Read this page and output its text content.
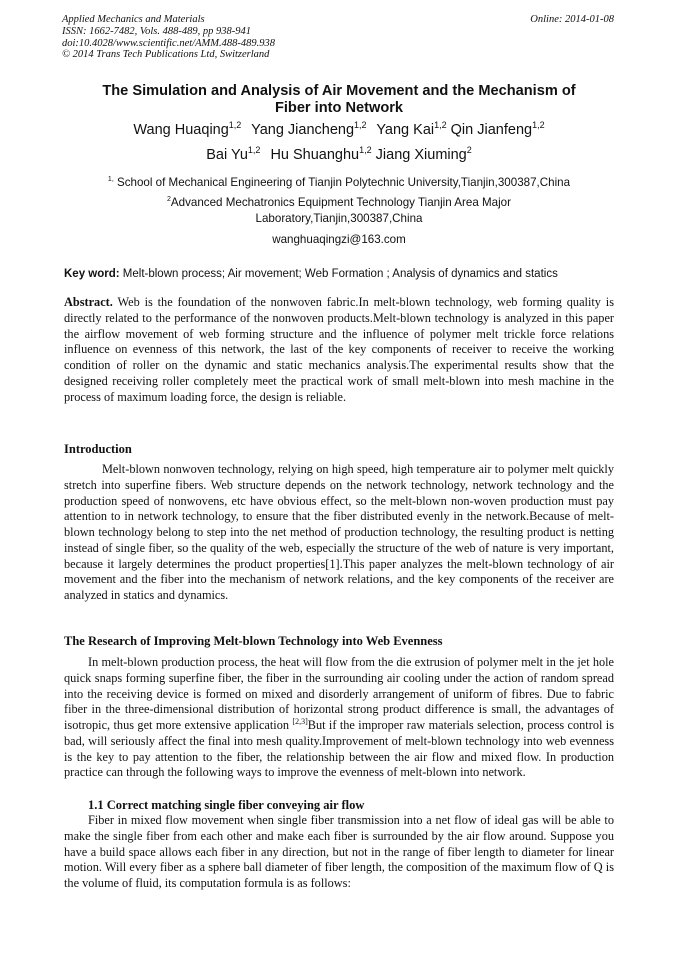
Applied Mechanics and Materials
ISSN: 1662-7482, Vols. 488-489, pp 938-941
doi:10.4028/www.scientific.net/AMM.488-489.938
© 2014 Trans Tech Publications Ltd, Switzerland
Online: 2014-01-08
The Simulation and Analysis of Air Movement and the Mechanism of
Fiber into Network
Wang Huaqing$^{1,2}$ Yang Jiancheng$^{1,2}$ Yang Kai$^{1,2}$ Qin Jianfeng$^{1,2}$
Bai Yu$^{1,2}$ Hu Shuanghu$^{1,2}$ Jiang Xiuming$^2$
$^{1,}$ School of Mechanical Engineering of Tianjin Polytechnic University,Tianjin,300387,China
$^2$Advanced Mechatronics Equipment Technology Tianjin Area Major
Laboratory,Tianjin,300387,China
wanghuaqingzi@163.com
Key word: Melt-blown process; Air movement; Web Formation ; Analysis of dynamics and statics
Abstract. Web is the foundation of the nonwoven fabric.In melt-blown technology, web forming quality is directly related to the performance of the nonwoven products.Melt-blown technology is analyzed in this paper the airflow movement of web forming structure and the influence of polymer melt trickle force relations influence on evenness of this network, the last of the key components of receiver to receive the working condition of roller on the dynamic and static mechanics analysis.The experimental results show that the designed receiving roller completely meet the practical work of small melt-blown into mesh machine in the process of maximum loading force, the design is reliable.
Introduction
Melt-blown nonwoven technology, relying on high speed, high temperature air to polymer melt quickly stretch into superfine fibers. Web structure depends on the network technology, network technology and the production speed of nonwovens, etc have obvious effect, so the melt-blown non-woven production must pay attention to in network technology, to ensure that the fiber distributed evenly in the network.Because of melt-blown technology belong to step into the net method of production technology, the resulting product is netting instead of single fiber, so the quality of the web, especially the structure of the web of nature is very important, because it largely determines the product properties[1].This paper analyzes the melt-blown technology of air movement and the fiber into the mechanism of network relations, and the key components of the receiver are analyzed in statics and dynamics.
The Research of Improving Melt-blown Technology into Web Evenness
In melt-blown production process, the heat will flow from the die extrusion of polymer melt in the jet hole quick snaps forming superfine fiber, the fiber in the surrounding air cooling under the action of random spread into the receiving device is formed on mixed and disorderly arrangement of uniform of fibres. Due to fabric fiber in the three-dimensional distribution of horizontal strong product difference is small, the advantages of isotropic, thus get more extensive application [2,3]But if the improper raw materials selection, process control is bad, will seriously affect the final into mesh quality.Improvement of melt-blown technology into web evenness is the key to pay attention to the fiber, the relationship between the air flow and mixed flow. In production practice can through the following ways to improve the evenness of melt-blown into network.
1.1 Correct matching single fiber conveying air flow
Fiber in mixed flow movement when single fiber transmission into a net flow of ideal gas will be able to make the single fiber from each other and make each fiber is surrounded by the air flow around. Suppose you have a build space allows each fiber in any direction, but not in the range of fiber length to diameter for linear motion. Will every fiber as a sphere ball diameter of fiber length, the composition of the maximum flow of Q is the volume of fluid, its computation formula is as follows:
